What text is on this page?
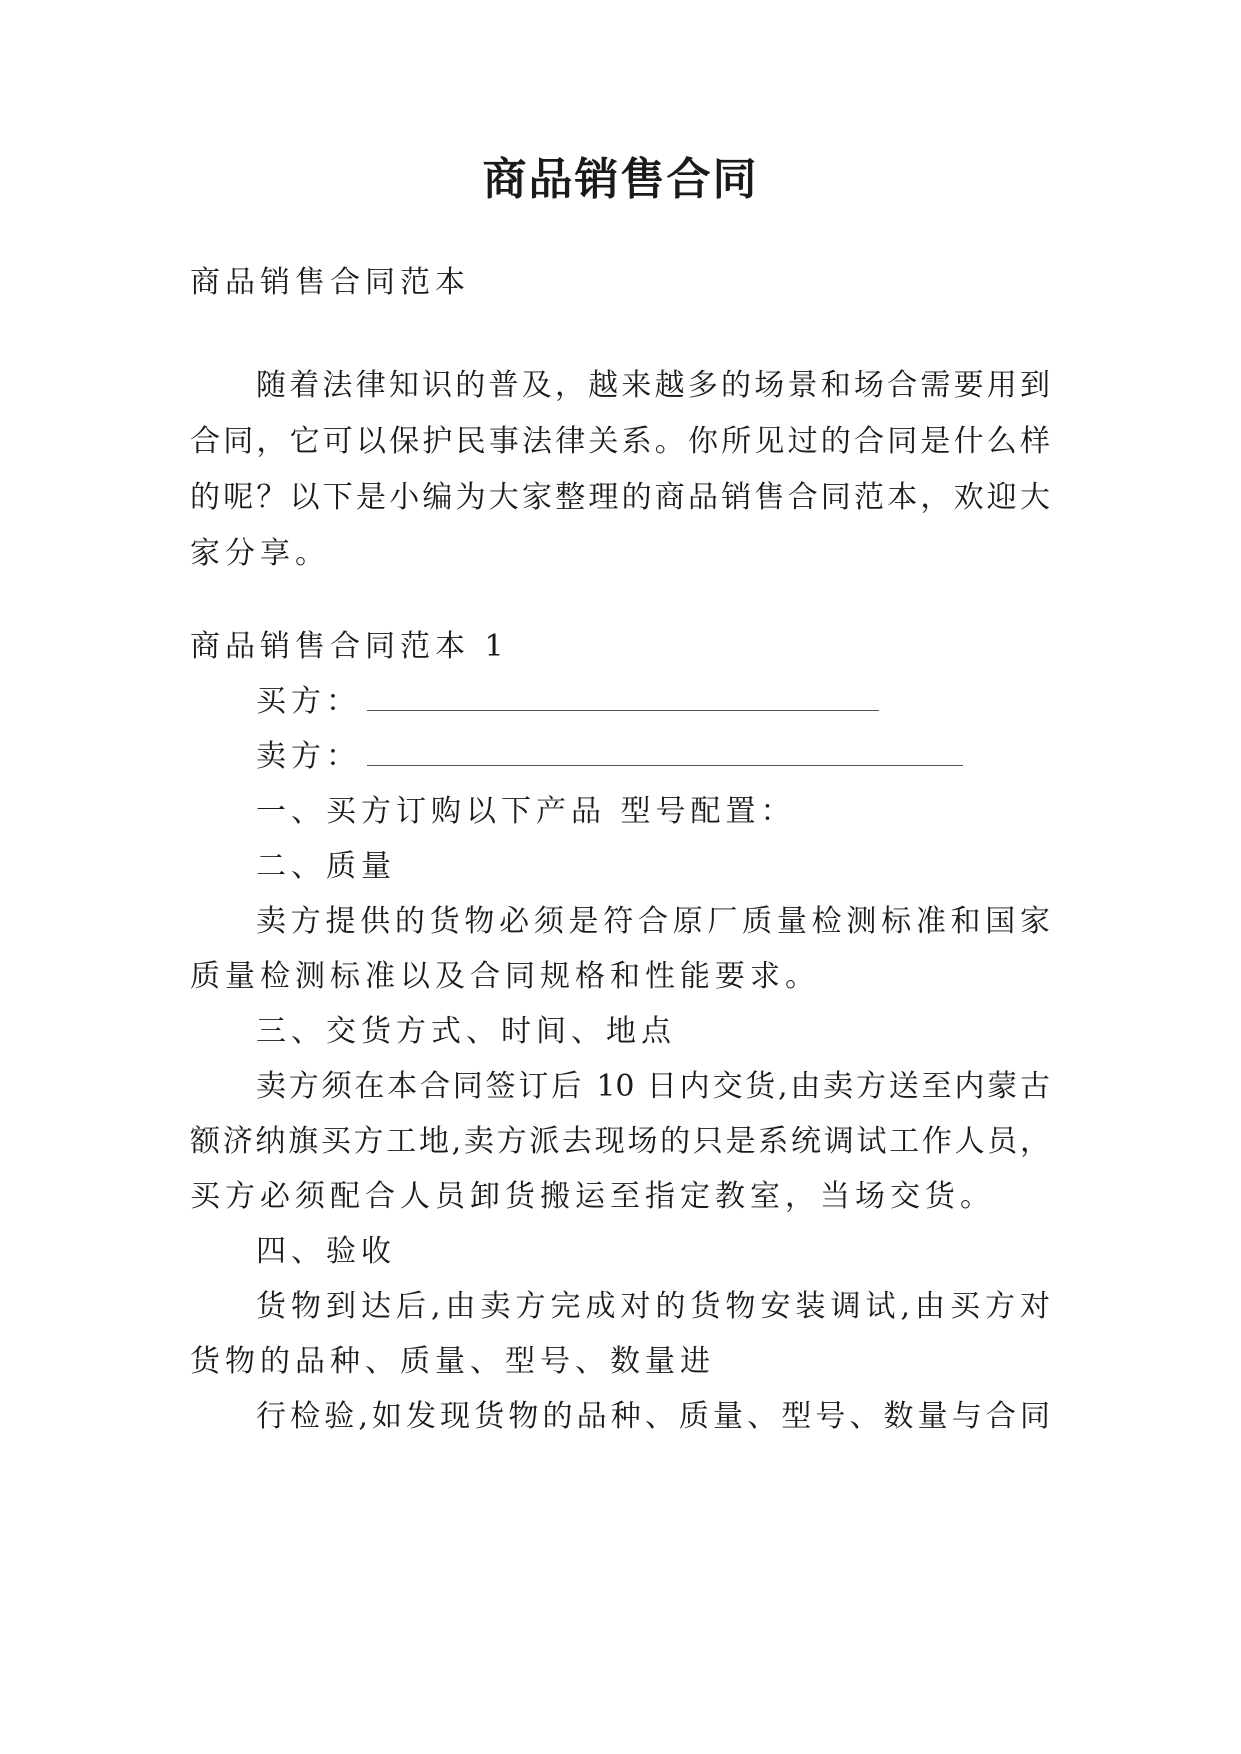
商品销售合同
商品销售合同范本
随着法律知识的普及，越来越多的场景和场合需要用到
合同，它可以保护民事法律关系。你所见过的合同是什么样
的呢？以下是小编为大家整理的商品销售合同范本，欢迎大
家分享。
商品销售合同范本 1
买方：
卖方：
一、买方订购以下产品 型号配置：
二、质量
卖方提供的货物必须是符合原厂质量检测标准和国家
质量检测标准以及合同规格和性能要求。
三、交货方式、时间、地点
卖方须在本合同签订后 10 日内交货,由卖方送至内蒙古
额济纳旗买方工地,卖方派去现场的只是系统调试工作人员，
买方必须配合人员卸货搬运至指定教室，当场交货。
四、验收
货物到达后,由卖方完成对的货物安装调试,由买方对
货物的品种、质量、型号、数量进
行检验,如发现货物的品种、质量、型号、数量与合同
